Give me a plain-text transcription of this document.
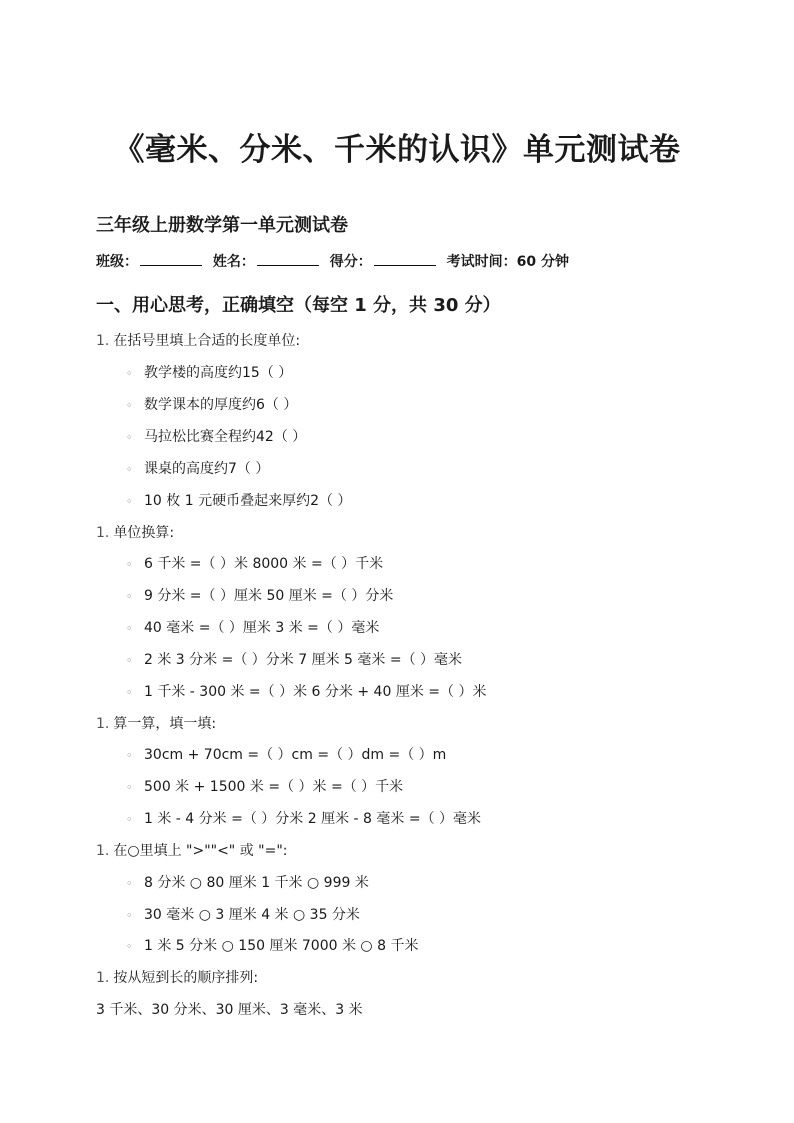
《毫米、分米、千米的认识》单元测试卷
三年级上册数学第一单元测试卷
班级：	姓名：	得分：	考试时间：60 分钟
一、用心思考，正确填空（每空 1 分，共 30 分）
1. 在括号里填上合适的长度单位:
◦ 教学楼的高度约15（ ）
◦ 数学课本的厚度约6（ ）
◦ 马拉松比赛全程约42（ ）
◦ 课桌的高度约7（ ）
◦ 10 枚 1 元硬币叠起来厚约2（ ）
1. 单位换算:
◦ 6 千米 =（ ）米 8000 米 =（ ）千米
◦ 9 分米 =（ ）厘米 50 厘米 =（ ）分米
◦ 40 毫米 =（ ）厘米 3 米 =（ ）毫米
◦ 2 米 3 分米 =（ ）分米 7 厘米 5 毫米 =（ ）毫米
◦ 1 千米 - 300 米 =（ ）米 6 分米 + 40 厘米 =（ ）米
1. 算一算，填一填:
◦ 30cm + 70cm =（ ）cm =（ ）dm =（ ）m
◦ 500 米 + 1500 米 =（ ）米 =（ ）千米
◦ 1 米 - 4 分米 =（ ）分米 2 厘米 - 8 毫米 =（ ）毫米
1. 在○里填上 ">""<" 或 "=":
◦ 8 分米 ○ 80 厘米 1 千米 ○ 999 米
◦ 30 毫米 ○ 3 厘米 4 米 ○ 35 分米
◦ 1 米 5 分米 ○ 150 厘米 7000 米 ○ 8 千米
1. 按从短到长的顺序排列:
3 千米、30 分米、30 厘米、3 毫米、3 米
